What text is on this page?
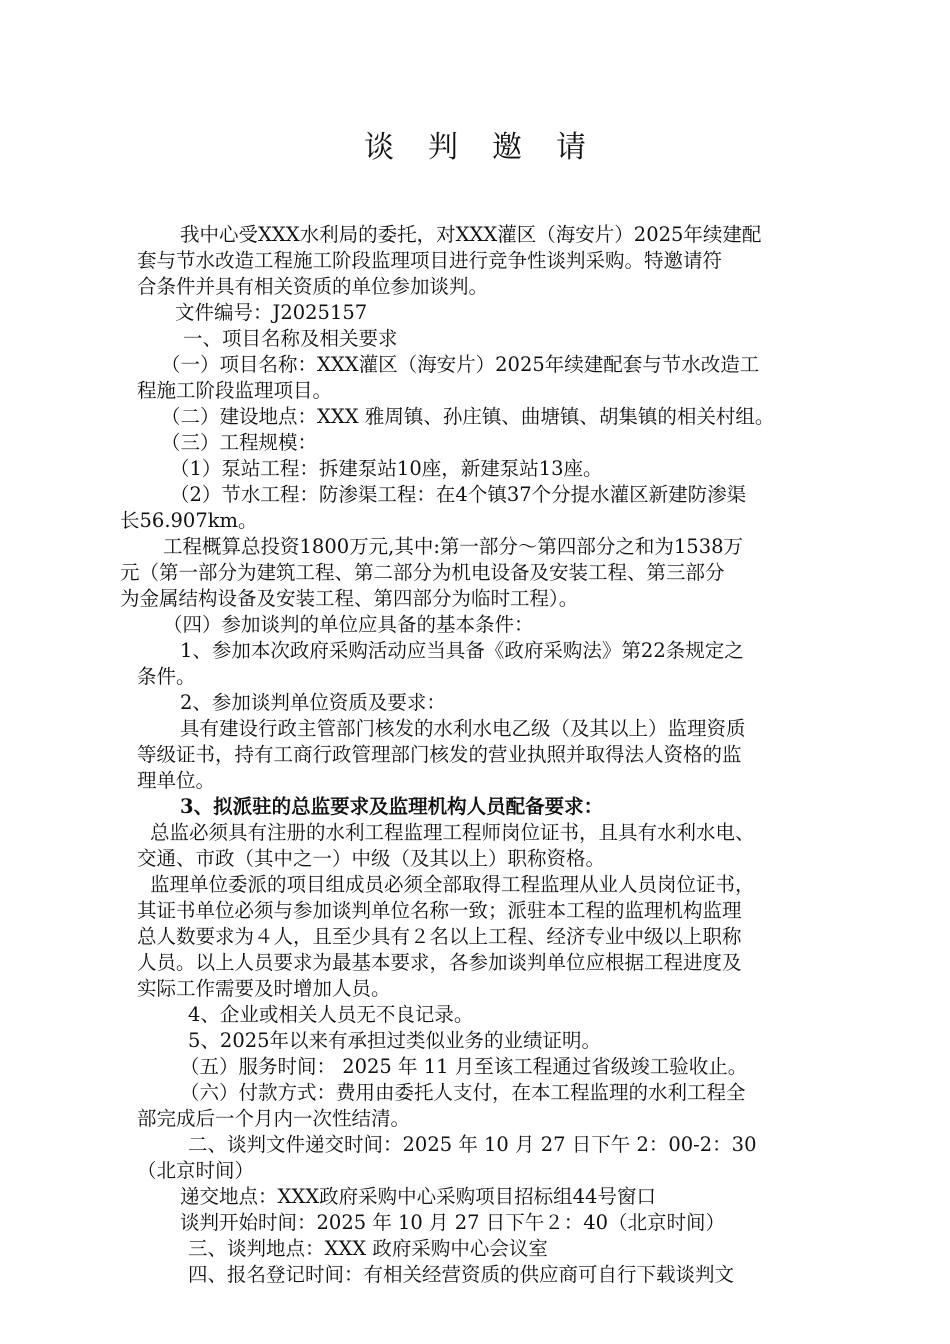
谈判邀请
我中心受XXX水利局的委托，对XXX灌区（海安片）2025年续建配
套与节水改造工程施工阶段监理项目进行竞争性谈判采购。特邀请符
合条件并具有相关资质的单位参加谈判。
文件编号：J2025157
一、项目名称及相关要求
（一）项目名称：XXX灌区（海安片）2025年续建配套与节水改造工
程施工阶段监理项目。
（二）建设地点：XXX 雅周镇、孙庄镇、曲塘镇、胡集镇的相关村组。
（三）工程规模：
（1）泵站工程：拆建泵站10座，新建泵站13座。
（2）节水工程：防渗渠工程：在4个镇37个分提水灌区新建防渗渠
长56.907km。
工程概算总投资1800万元,其中:第一部分～第四部分之和为1538万
元（第一部分为建筑工程、第二部分为机电设备及安装工程、第三部分
为金属结构设备及安装工程、第四部分为临时工程）。
（四）参加谈判的单位应具备的基本条件：
1、参加本次政府采购活动应当具备《政府采购法》第22条规定之
条件。
2、参加谈判单位资质及要求：
具有建设行政主管部门核发的水利水电乙级（及其以上）监理资质
等级证书，持有工商行政管理部门核发的营业执照并取得法人资格的监
理单位。
3、拟派驻的总监要求及监理机构人员配备要求：
总监必须具有注册的水利工程监理工程师岗位证书，且具有水利水电、
交通、市政（其中之一）中级（及其以上）职称资格。
监理单位委派的项目组成员必须全部取得工程监理从业人员岗位证书，
其证书单位必须与参加谈判单位名称一致；派驻本工程的监理机构监理
总人数要求为４人，且至少具有２名以上工程、经济专业中级以上职称
人员。以上人员要求为最基本要求，各参加谈判单位应根据工程进度及
实际工作需要及时增加人员。
4、企业或相关人员无不良记录。
5、2025年以来有承担过类似业务的业绩证明。
（五）服务时间： 2025 年 11 月至该工程通过省级竣工验收止。
（六）付款方式：费用由委托人支付，在本工程监理的水利工程全
部完成后一个月内一次性结清。
二、谈判文件递交时间：2025 年 10 月 27 日下午 2：00-2：30
（北京时间）
递交地点：XXX政府采购中心采购项目招标组44号窗口
谈判开始时间：2025 年 10 月 27 日下午２：40（北京时间）
三、谈判地点：XXX 政府采购中心会议室
四、报名登记时间：有相关经营资质的供应商可自行下载谈判文
